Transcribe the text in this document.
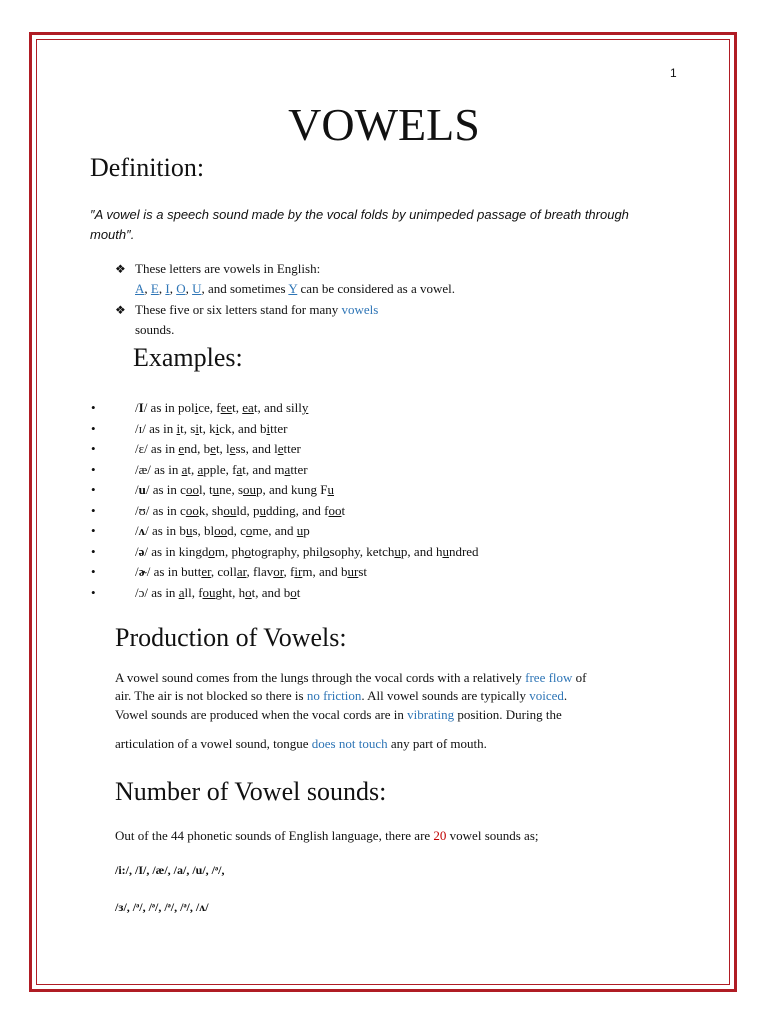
1
VOWELS
Definition:
″A vowel is a speech sound made by the vocal folds by unimpeded passage of breath through
mouth″.
❖ These letters are vowels in English:
A, E, I, O, U, and sometimes Y can be considered as a vowel.
❖ These five or six letters stand for many vowels
sounds.
Examples:
•	/I/ as in police, feet, eat, and silly
•	/ɪ/ as in it, sit, kick, and bitter
•	/ɛ/ as in end, bet, less, and letter
•	/æ/ as in at, apple, fat, and matter
•	/u/ as in cool, tune, soup, and kung Fu
•	/ʊ/ as in cook, should, pudding, and foot
•	/ʌ/ as in bus, blood, come, and up
•	/ə/ as in kingdom, photography, philosophy, ketchup, and hundred
•	/ɚ/ as in butter, collar, flavor, firm, and burst
•	/ɔ/ as in all, fought, hot, and bot
Production of Vowels:
A vowel sound comes from the lungs through the vocal cords with a relatively free flow of
air. The air is not blocked so there is no friction. All vowel sounds are typically voiced.
Vowel sounds are produced when the vocal cords are in vibrating position. During the
articulation of a vowel sound, tongue does not touch any part of mouth.
Number of Vowel sounds:
Out of the 44 phonetic sounds of English language, there are 20 vowel sounds as;
/i:/, /I/, /æ/, /a/, /u/, /ᵊ/,
/ɜ/, /ᵊ/, /ᵊ/, /ᵊ/, /ᵊ/, /ʌ/
